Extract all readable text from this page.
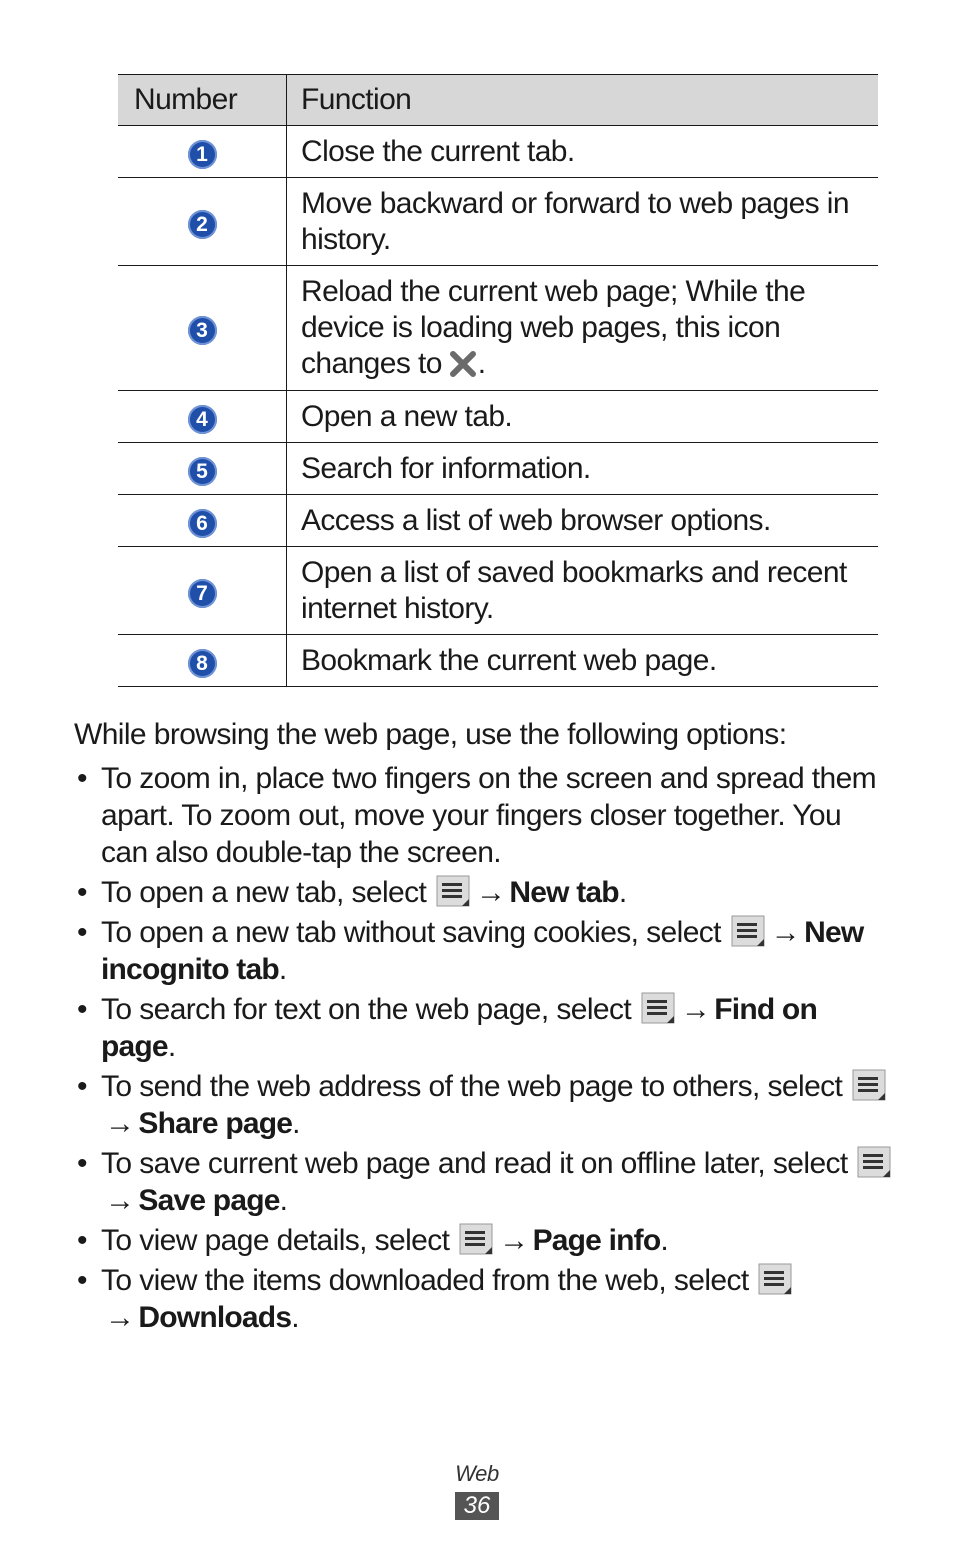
Number	Function
1	Close the current tab.
2	Move backward or forward to web pages in history.
3	Reload the current web page; While the device is loading web pages, this icon changes to .
4	Open a new tab.
5	Search for information.
6	Access a list of web browser options.
7	Open a list of saved bookmarks and recent internet history.
8	Bookmark the current web page.

While browsing the web page, use the following options:

• To zoom in, place two fingers on the screen and spread them apart. To zoom out, move your fingers closer together. You can also double-tap the screen.
• To open a new tab, select → New tab.
• To open a new tab without saving cookies, select → New incognito tab.
• To search for text on the web page, select → Find on page.
• To send the web address of the web page to others, select → Share page.
• To save current web page and read it on offline later, select → Save page.
• To view page details, select → Page info.
• To view the items downloaded from the web, select → Downloads.
Web
36
